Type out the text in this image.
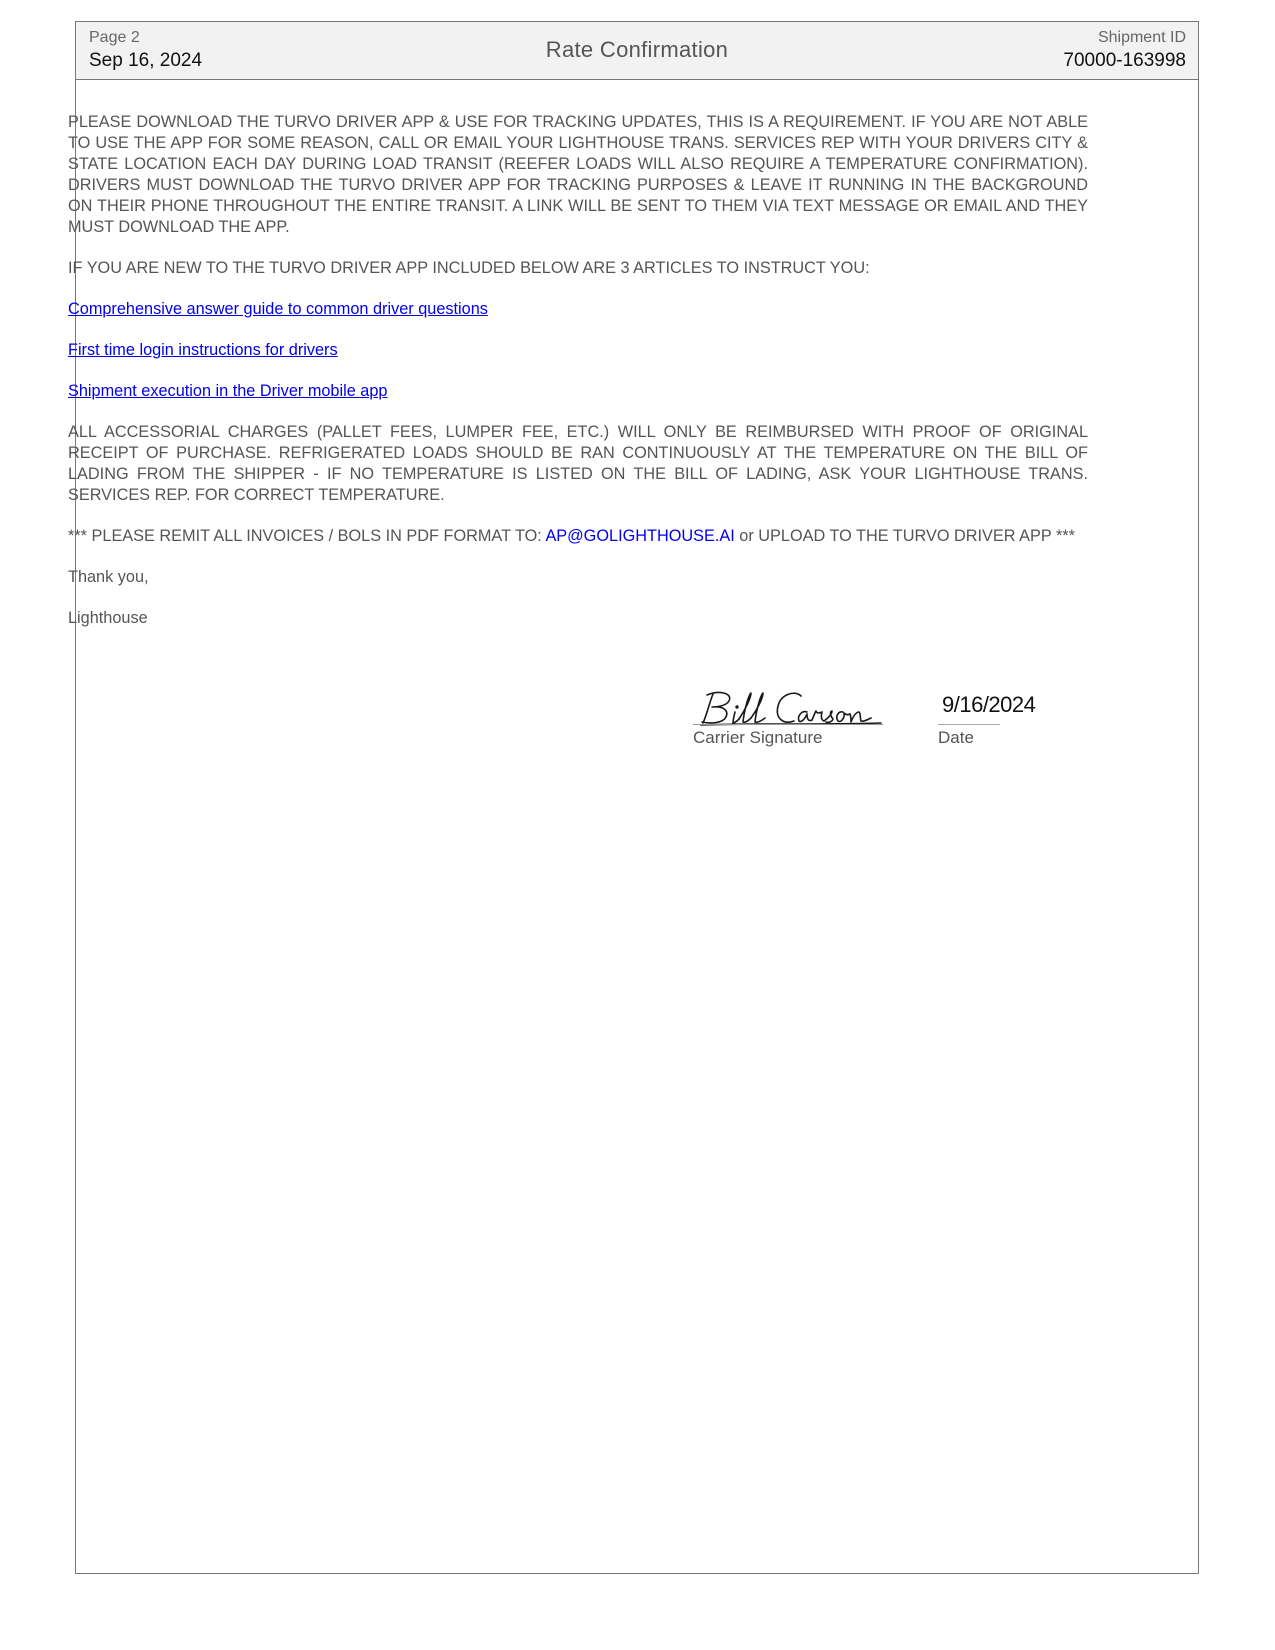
Page 2
Sep 16, 2024	Rate Confirmation	Shipment ID
70000-163998

PLEASE DOWNLOAD THE TURVO DRIVER APP & USE FOR TRACKING UPDATES, THIS IS A REQUIREMENT. IF YOU ARE NOT ABLE TO USE THE APP FOR SOME REASON, CALL OR EMAIL YOUR LIGHTHOUSE TRANS. SERVICES REP WITH YOUR DRIVERS CITY & STATE LOCATION EACH DAY DURING LOAD TRANSIT (REEFER LOADS WILL ALSO REQUIRE A TEMPERATURE CONFIRMATION). DRIVERS MUST DOWNLOAD THE TURVO DRIVER APP FOR TRACKING PURPOSES & LEAVE IT RUNNING IN THE BACKGROUND ON THEIR PHONE THROUGHOUT THE ENTIRE TRANSIT. A LINK WILL BE SENT TO THEM VIA TEXT MESSAGE OR EMAIL AND THEY MUST DOWNLOAD THE APP.

IF YOU ARE NEW TO THE TURVO DRIVER APP INCLUDED BELOW ARE 3 ARTICLES TO INSTRUCT YOU:

Comprehensive answer guide to common driver questions

First time login instructions for drivers

Shipment execution in the Driver mobile app

ALL ACCESSORIAL CHARGES (PALLET FEES, LUMPER FEE, ETC.) WILL ONLY BE REIMBURSED WITH PROOF OF ORIGINAL RECEIPT OF PURCHASE. REFRIGERATED LOADS SHOULD BE RAN CONTINUOUSLY AT THE TEMPERATURE ON THE BILL OF LADING FROM THE SHIPPER - IF NO TEMPERATURE IS LISTED ON THE BILL OF LADING, ASK YOUR LIGHTHOUSE TRANS. SERVICES REP. FOR CORRECT TEMPERATURE.

*** PLEASE REMIT ALL INVOICES / BOLS IN PDF FORMAT TO: AP@GOLIGHTHOUSE.AI or UPLOAD TO THE TURVO DRIVER APP ***

Thank you,

Lighthouse

Carrier Signature
9/16/2024
Date
